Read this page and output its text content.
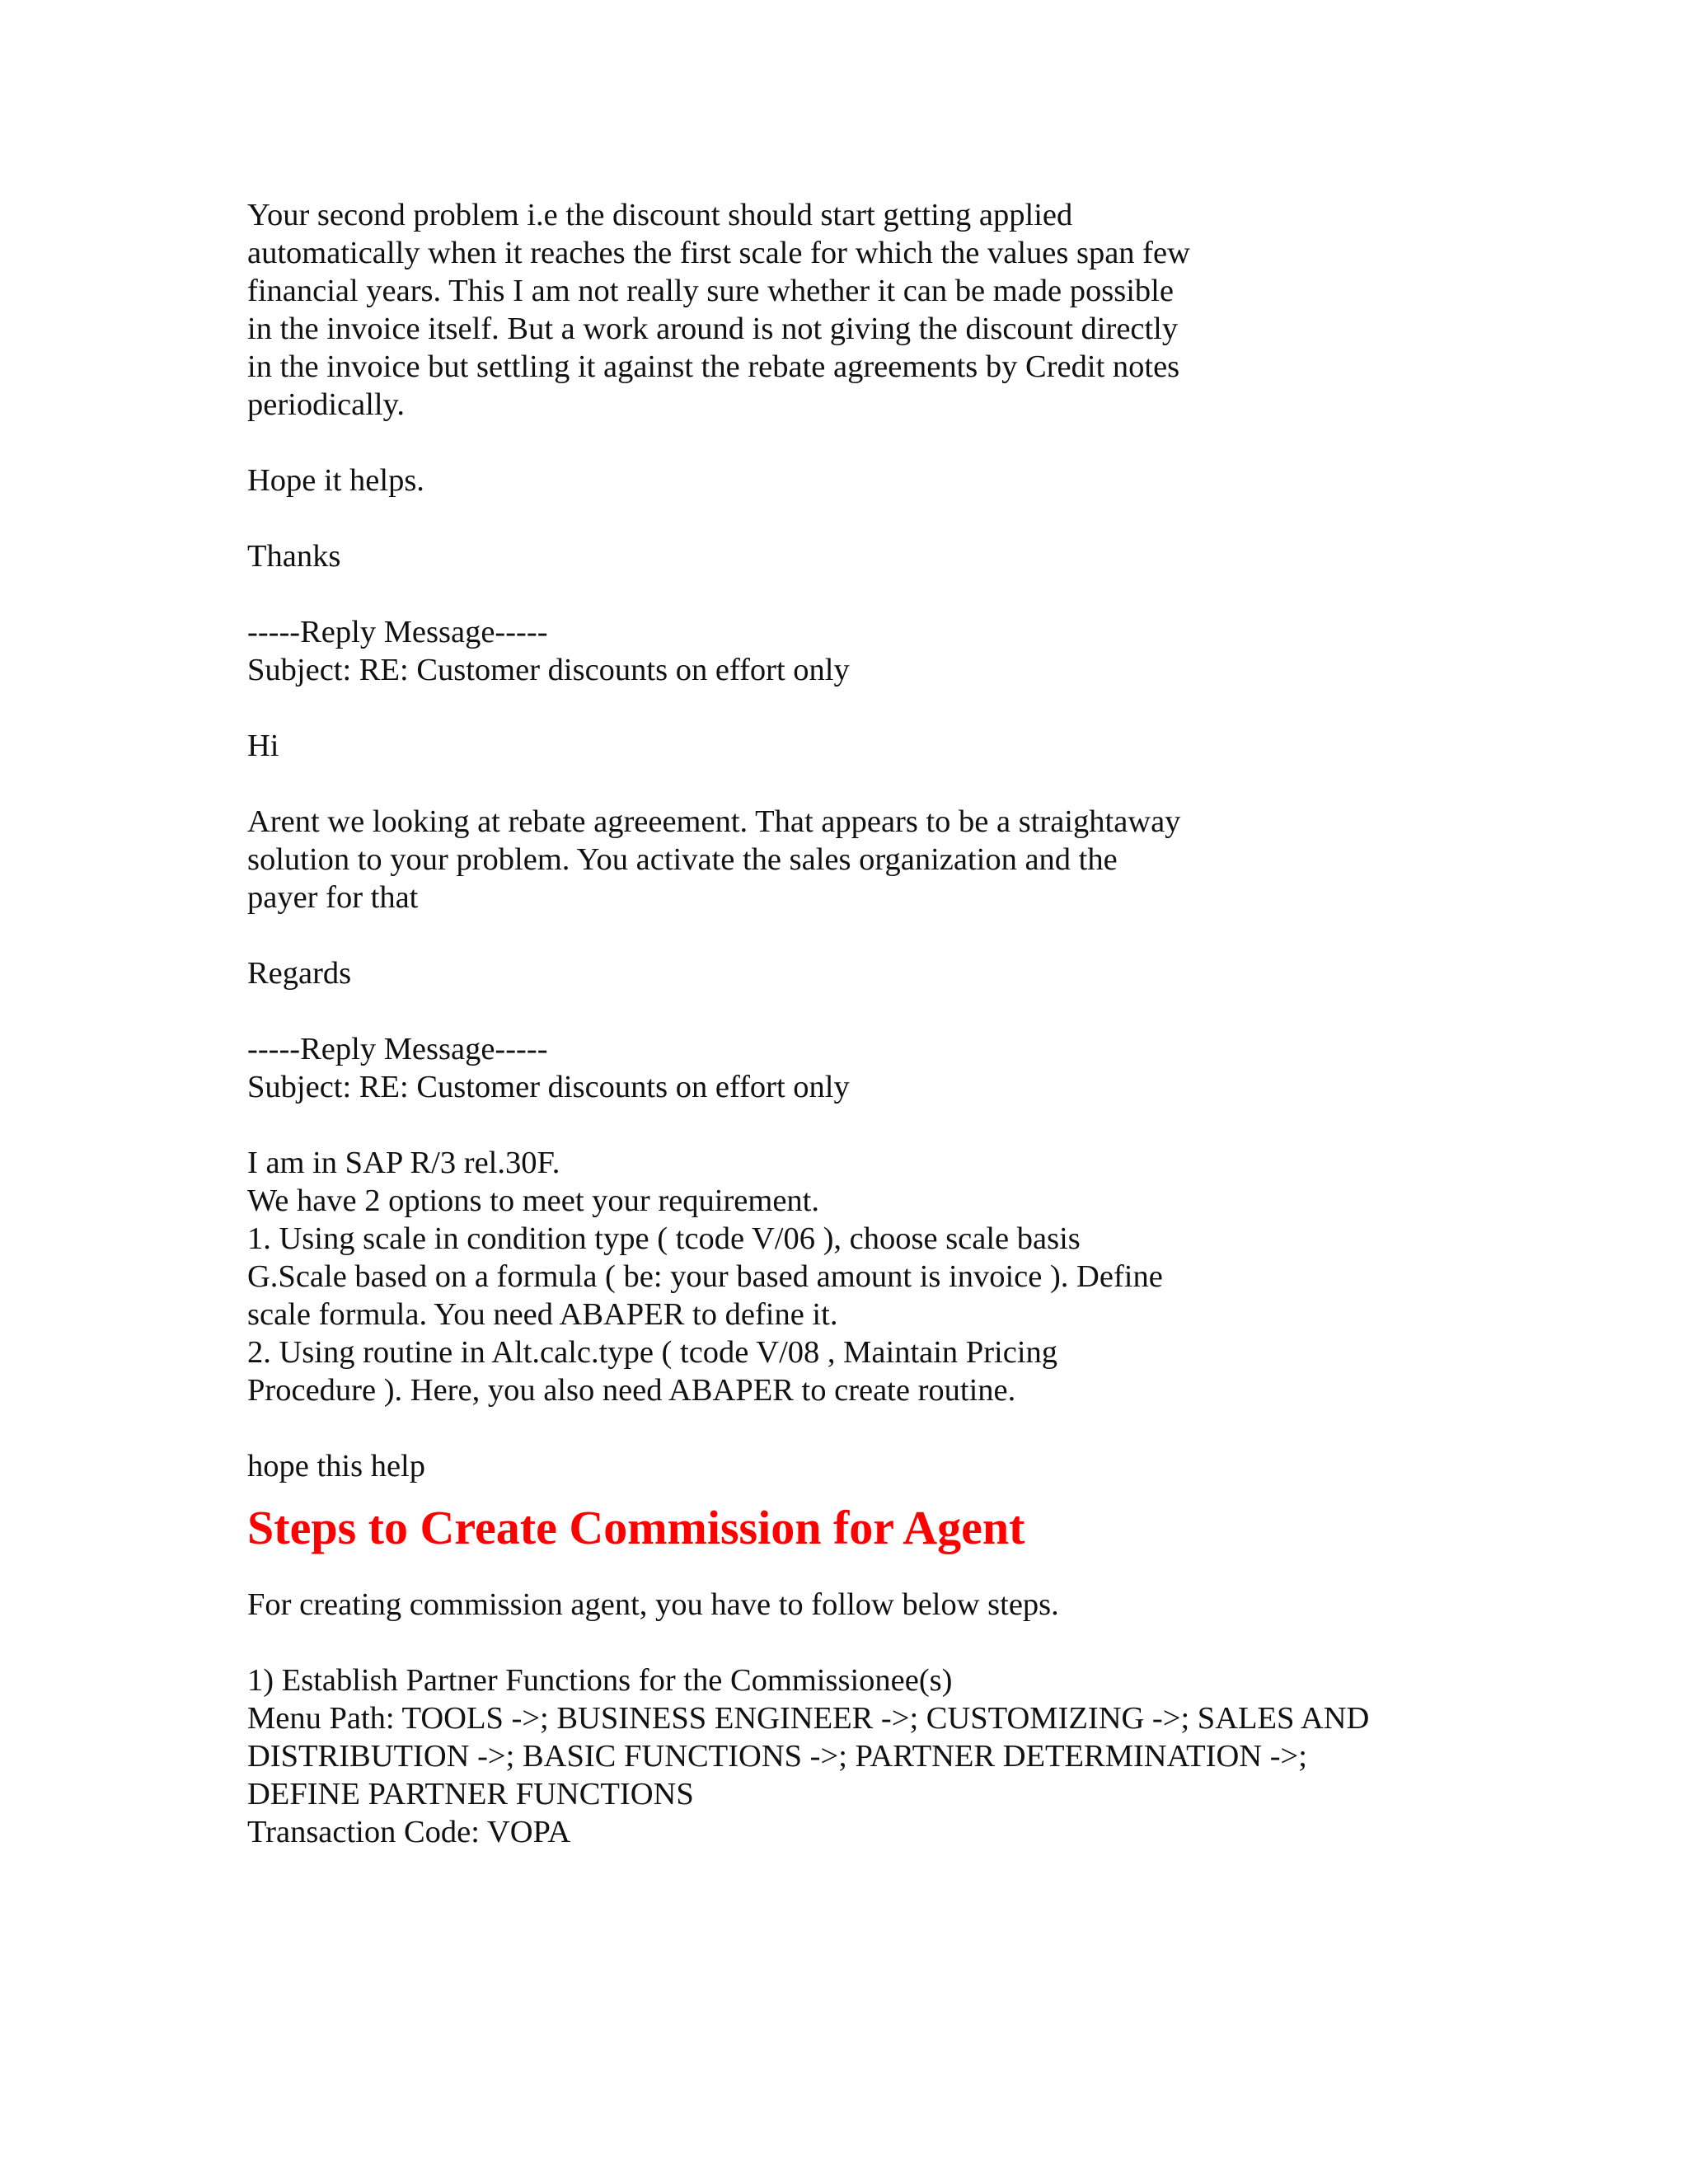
Your second problem i.e the discount should start getting applied
automatically when it reaches the first scale for which the values span few
financial years. This I am not really sure whether it can be made possible
in the invoice itself. But a work around is not giving the discount directly
in the invoice but settling it against the rebate agreements by Credit notes
periodically.
Hope it helps.
Thanks
-----Reply Message-----
Subject: RE: Customer discounts on effort only
Hi
Arent we looking at rebate agreeement. That appears to be a straightaway
solution to your problem. You activate the sales organization and the
payer for that
Regards
-----Reply Message-----
Subject: RE: Customer discounts on effort only
I am in SAP R/3 rel.30F.
We have 2 options to meet your requirement.
1. Using scale in condition type ( tcode V/06 ), choose scale basis
G.Scale based on a formula ( be: your based amount is invoice ). Define
scale formula. You need ABAPER to define it.
2. Using routine in Alt.calc.type ( tcode V/08 , Maintain Pricing
Procedure ). Here, you also need ABAPER to create routine.
hope this help
Steps to Create Commission for Agent
For creating commission agent, you have to follow below steps.
1) Establish Partner Functions for the Commissionee(s)
Menu Path: TOOLS ->; BUSINESS ENGINEER ->; CUSTOMIZING ->; SALES AND
DISTRIBUTION ->; BASIC FUNCTIONS ->; PARTNER DETERMINATION ->;
DEFINE PARTNER FUNCTIONS
Transaction Code: VOPA
